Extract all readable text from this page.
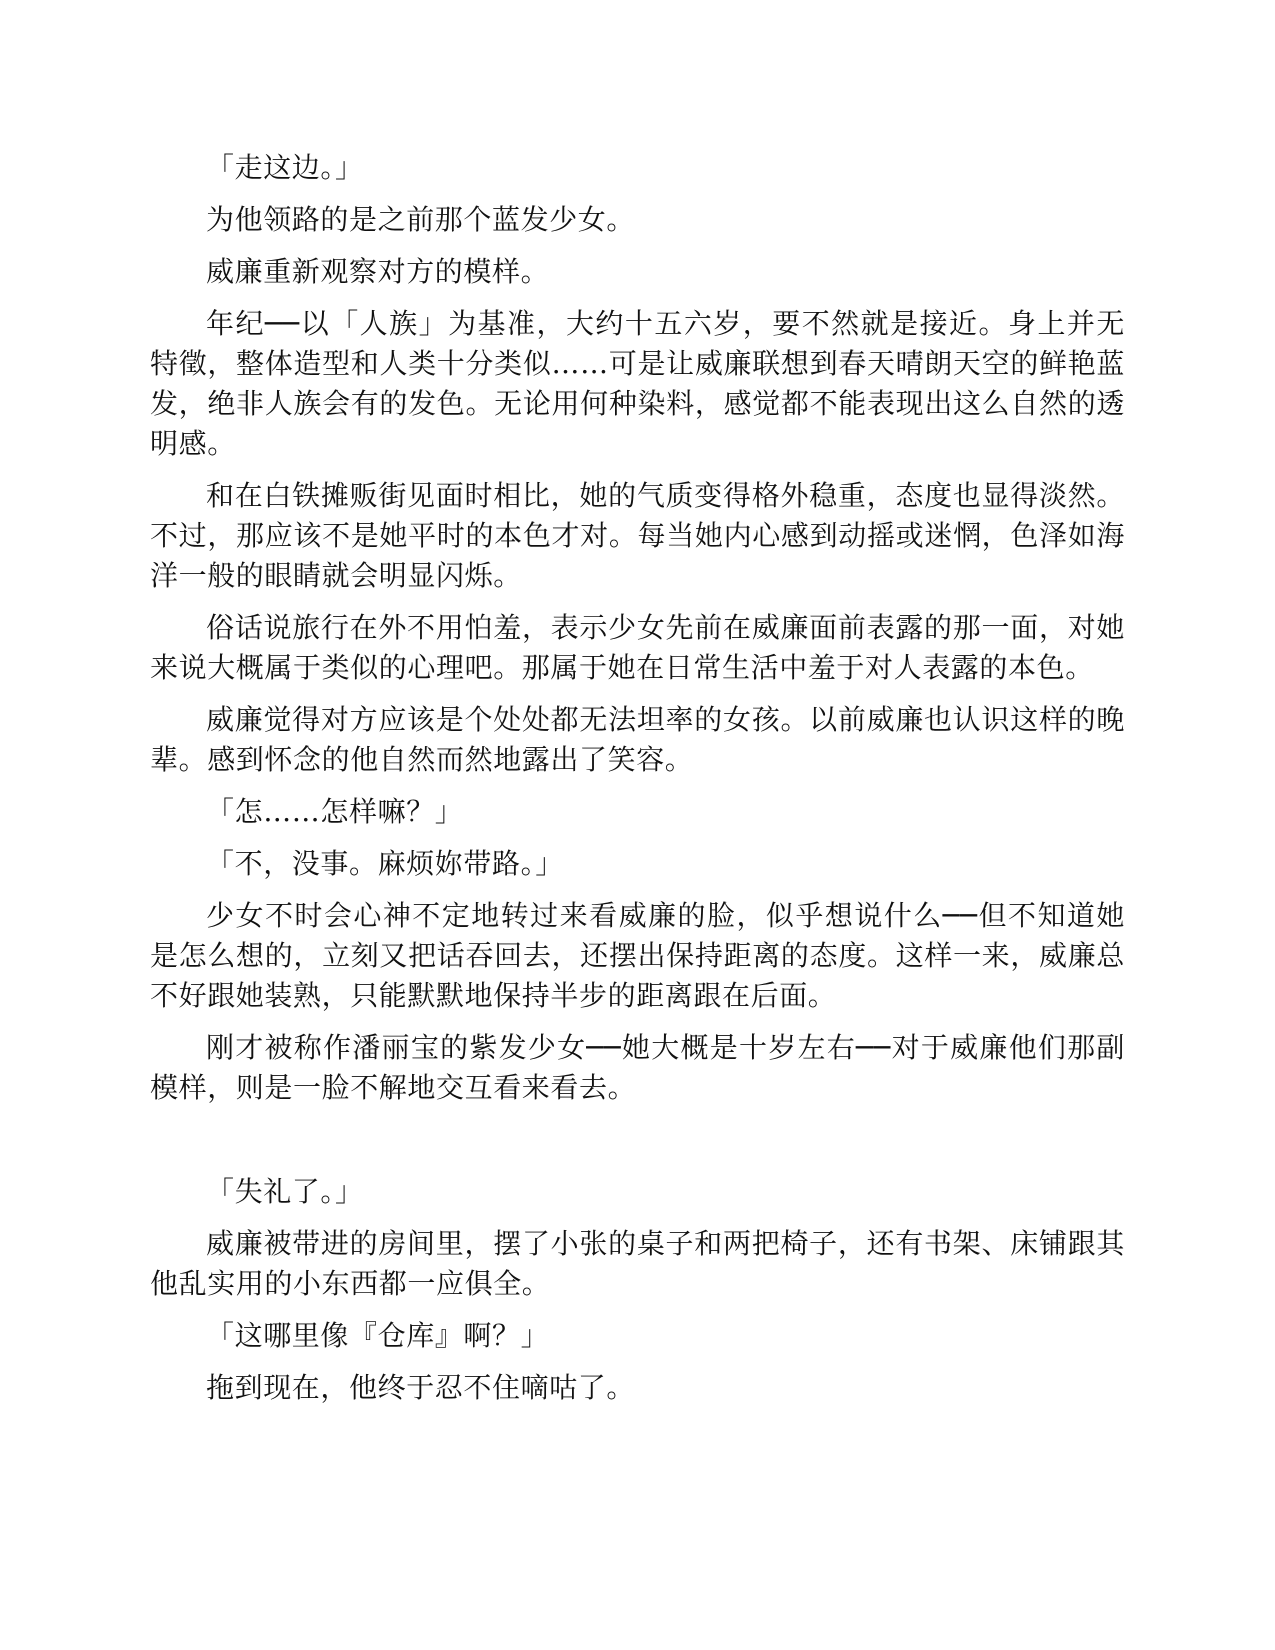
「走这边。」

为他领路的是之前那个蓝发少女。

威廉重新观察对方的模样。

年纪──以「人族」为基准，大约十五六岁，要不然就是接近。身上并无特徵，整体造型和人类十分类似……可是让威廉联想到春天晴朗天空的鲜艳蓝发，绝非人族会有的发色。无论用何种染料，感觉都不能表现出这么自然的透明感。

和在白铁摊贩街见面时相比，她的气质变得格外稳重，态度也显得淡然。不过，那应该不是她平时的本色才对。每当她内心感到动摇或迷惘，色泽如海洋一般的眼睛就会明显闪烁。

俗话说旅行在外不用怕羞，表示少女先前在威廉面前表露的那一面，对她来说大概属于类似的心理吧。那属于她在日常生活中羞于对人表露的本色。

威廉觉得对方应该是个处处都无法坦率的女孩。以前威廉也认识这样的晚辈。感到怀念的他自然而然地露出了笑容。

「怎……怎样嘛？」

「不，没事。麻烦妳带路。」

少女不时会心神不定地转过来看威廉的脸，似乎想说什么──但不知道她是怎么想的，立刻又把话吞回去，还摆出保持距离的态度。这样一来，威廉总不好跟她装熟，只能默默地保持半步的距离跟在后面。

刚才被称作潘丽宝的紫发少女──她大概是十岁左右──对于威廉他们那副模样，则是一脸不解地交互看来看去。

「失礼了。」

威廉被带进的房间里，摆了小张的桌子和两把椅子，还有书架、床铺跟其他乱实用的小东西都一应俱全。

「这哪里像『仓库』啊？」

拖到现在，他终于忍不住嘀咕了。
